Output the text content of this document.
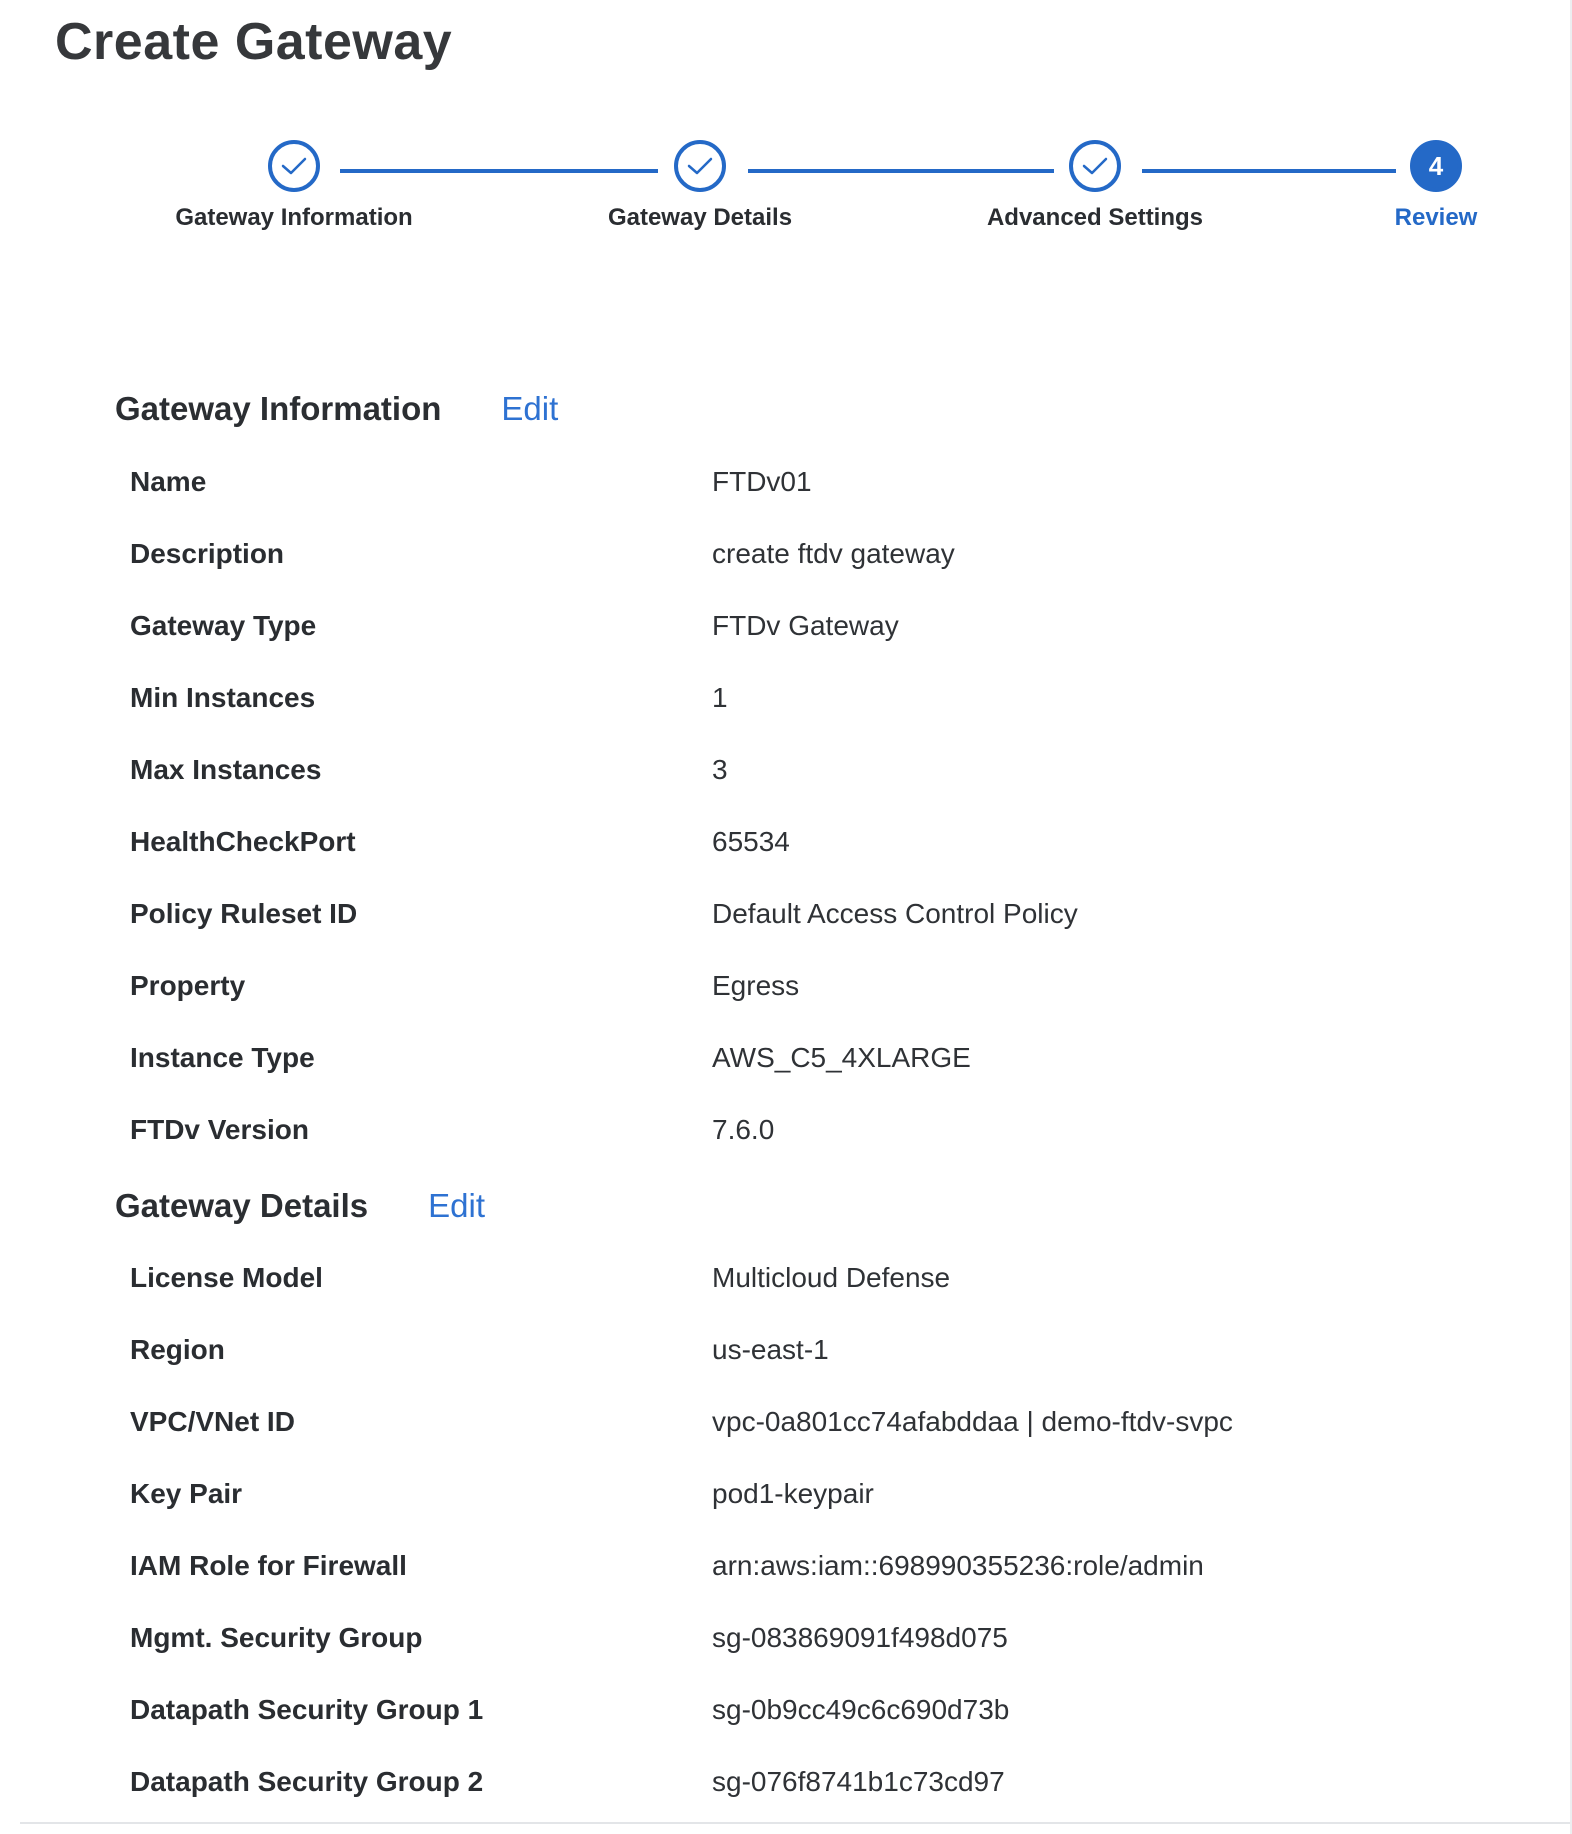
Create Gateway
Gateway Information	Gateway Details	Advanced Settings
4
Review
Gateway Information Edit
Name	FTDv01
Description	create ftdv gateway
Gateway Type	FTDv Gateway
Min Instances	1
Max Instances	3
HealthCheckPort	65534
Policy Ruleset ID	Default Access Control Policy
Property	Egress
Instance Type	AWS_C5_4XLARGE
FTDv Version	7.6.0
Gateway Details Edit
License Model	Multicloud Defense
Region	us-east-1
VPC/VNet ID	vpc-0a801cc74afabddaa | demo-ftdv-svpc
Key Pair	pod1-keypair
IAM Role for Firewall	arn:aws:iam::698990355236:role/admin
Mgmt. Security Group	sg-083869091f498d075
Datapath Security Group 1	sg-0b9cc49c6c690d73b
Datapath Security Group 2	sg-076f8741b1c73cd97
